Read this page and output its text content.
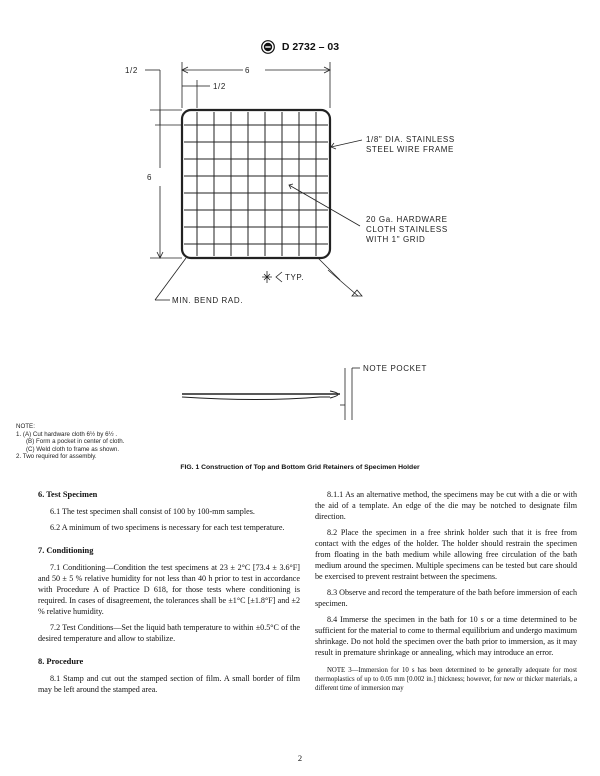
D 2732 – 03
6
1/2
1/2
6
1/8" DIA. STAINLESS
STEEL WIRE FRAME
20 Ga. HARDWARE
CLOTH STAINLESS
WITH 1" GRID
TYP.
MIN. BEND RAD.
NOTE POCKET
NOTE:
1. (A) Cut hardware cloth 6½ by 6½ .
(B) Form a pocket in center of cloth.
(C) Weld cloth to frame as shown.
2. Two required for assembly.
FIG. 1 Construction of Top and Bottom Grid Retainers of Specimen Holder
6. Test Specimen

6.1 The test specimen shall consist of 100 by 100-mm samples.

6.2 A minimum of two specimens is necessary for each test temperature.

7. Conditioning

7.1 Conditioning—Condition the test specimens at 23 ± 2°C [73.4 ± 3.6°F] and 50 ± 5 % relative humidity for not less than 40 h prior to test in accordance with Procedure A of Practice D 618, for those tests where conditioning is required. In cases of disagreement, the tolerances shall be ±1°C [±1.8°F] and ±2 % relative humidity.

7.2 Test Conditions—Set the liquid bath temperature to within ±0.5°C of the desired temperature and allow to stabilize.

8. Procedure

8.1 Stamp and cut out the stamped section of film. A small border of film may be left around the stamped area.

8.1.1 As an alternative method, the specimens may be cut with a die or with the aid of a template. An edge of the die may be notched to designate film direction.

8.2 Place the specimen in a free shrink holder such that it is free from contact with the edges of the holder. The holder should restrain the specimen from floating in the bath medium while allowing free circulation of the bath medium around the specimen. Multiple specimens can be tested but care should be exercised to prevent restraint between the specimens.

8.3 Observe and record the temperature of the bath before immersion of each specimen.

8.4 Immerse the specimen in the bath for 10 s or a time determined to be sufficient for the material to come to thermal equilibrium and undergo maximum shrinkage. Do not hold the specimen over the bath prior to immersion, as it may result in premature shrinkage or annealing, which may introduce an error.

NOTE 3—Immersion for 10 s has been determined to be generally adequate for most thermoplastics of up to 0.05 mm [0.002 in.] thickness; however, for new or thicker materials, a different time of immersion may

2
